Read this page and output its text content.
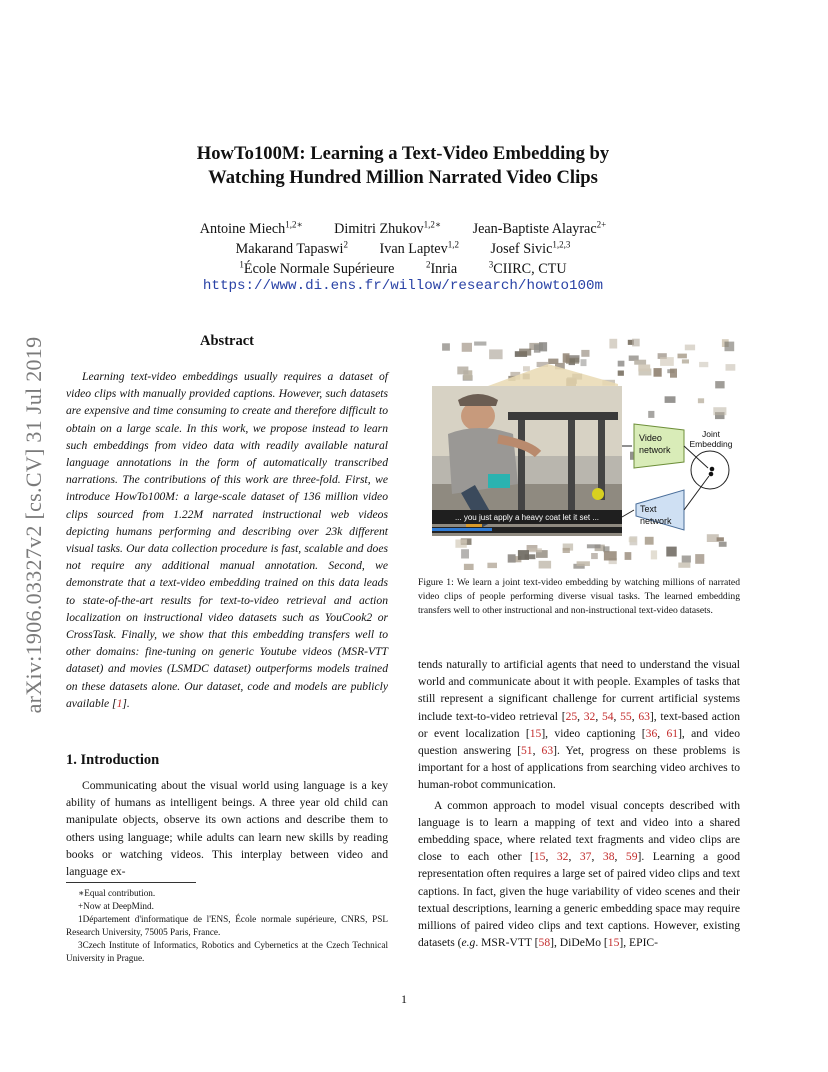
arXiv:1906.03327v2 [cs.CV] 31 Jul 2019
HowTo100M: Learning a Text-Video Embedding by
Watching Hundred Million Narrated Video Clips
Antoine Miech$^{1,2∗}$ Dimitri Zhukov$^{1,2∗}$ Jean-Baptiste Alayrac$^{2+}$
Makarand Tapaswi$^2$ Ivan Laptev$^{1,2}$ Josef Sivic$^{1,2,3}$
$^1$École Normale Supérieure	$^2$Inria	$^3$CIIRC, CTU
https://www.di.ens.fr/willow/research/howto100m
Abstract
Learning text-video embeddings usually requires a dataset of video clips with manually provided captions. However, such datasets are expensive and time consuming to create and therefore difficult to obtain on a large scale. In this work, we propose instead to learn such embeddings from video data with readily available natural language annotations in the form of automatically transcribed narrations. The contributions of this work are three-fold. First, we introduce HowTo100M: a large-scale dataset of 136 million video clips sourced from 1.22M narrated instructional web videos depicting humans performing and describing over 23k different visual tasks. Our data collection procedure is fast, scalable and does not require any additional manual annotation. Second, we demonstrate that a text-video embedding trained on this data leads to state-of-the-art results for text-to-video retrieval and action localization on instructional video datasets such as YouCook2 or CrossTask. Finally, we show that this embedding transfers well to other domains: fine-tuning on generic Youtube videos (MSR-VTT dataset) and movies (LSMDC dataset) outperforms models trained on these datasets alone. Our dataset, code and models are publicly available [1].
1. Introduction
Communicating about the visual world using language is a key ability of humans as intelligent beings. A three year old child can manipulate objects, observe its own actions and describe them to others using language; while adults can learn new skills by reading books or watching videos. This interplay between video and language ex-

∗Equal contribution.

+Now at DeepMind.

1Département d'informatique de l'ENS, École normale supérieure, CNRS, PSL Research University, 75005 Paris, France.

3Czech Institute of Informatics, Robotics and Cybernetics at the Czech Technical University in Prague.

... you just apply a heavy coat let it set ...
Video
network
Text
network
Joint
Embedding
Figure 1: We learn a joint text-video embedding by watching millions of narrated video clips of people performing diverse visual tasks. The learned embedding transfers well to other instructional and non-instructional text-video datasets.

tends naturally to artificial agents that need to understand the visual world and communicate about it with people. Examples of tasks that still represent a significant challenge for current artificial systems include text-to-video retrieval [25, 32, 54, 55, 63], text-based action or event localization [15], video captioning [36, 61], and video question answering [51, 63]. Yet, progress on these problems is important for a host of applications from searching video archives to human-robot communication.

A common approach to model visual concepts described with language is to learn a mapping of text and video into a shared embedding space, where related text fragments and video clips are close to each other [15, 32, 37, 38, 59]. Learning a good representation often requires a large set of paired video clips and text captions. In fact, given the huge variability of video scenes and their textual descriptions, learning a generic embedding space may require millions of paired video clips and text captions. However, existing datasets (e.g. MSR-VTT [58], DiDeMo [15], EPIC-

1
